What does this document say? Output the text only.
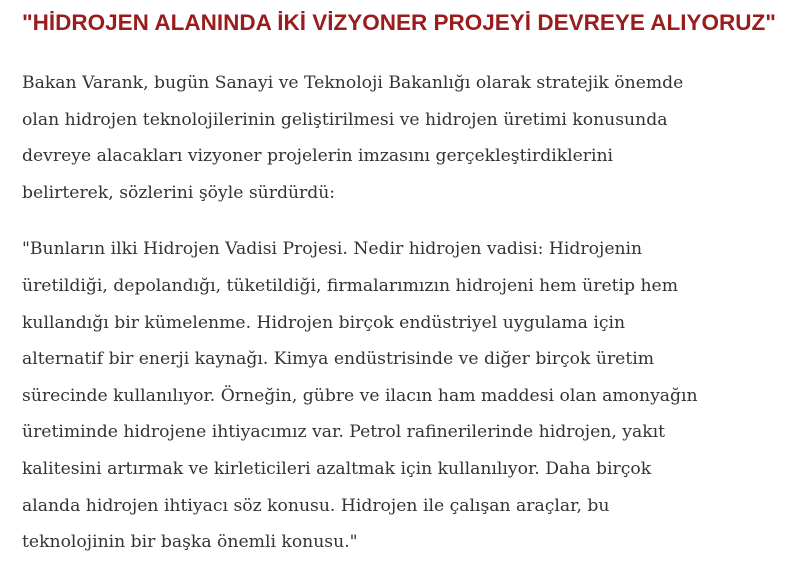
"HİDROJEN ALANINDA İKİ VİZYONER PROJEYİ DEVREYE ALIYORUZ"

Bakan Varank, bugün Sanayi ve Teknoloji Bakanlığı olarak stratejik önemde
olan hidrojen teknolojilerinin geliştirilmesi ve hidrojen üretimi konusunda
devreye alacakları vizyoner projelerin imzasını gerçekleştirdiklerini
belirterek, sözlerini şöyle sürdürdü:

"Bunların ilki Hidrojen Vadisi Projesi. Nedir hidrojen vadisi: Hidrojenin
üretildiği, depolandığı, tüketildiği, firmalarımızın hidrojeni hem üretip hem
kullandığı bir kümelenme. Hidrojen birçok endüstriyel uygulama için
alternatif bir enerji kaynağı. Kimya endüstrisinde ve diğer birçok üretim
sürecinde kullanılıyor. Örneğin, gübre ve ilacın ham maddesi olan amonyağın
üretiminde hidrojene ihtiyacımız var. Petrol rafinerilerinde hidrojen, yakıt
kalitesini artırmak ve kirleticileri azaltmak için kullanılıyor. Daha birçok
alanda hidrojen ihtiyacı söz konusu. Hidrojen ile çalışan araçlar, bu
teknolojinin bir başka önemli konusu."
